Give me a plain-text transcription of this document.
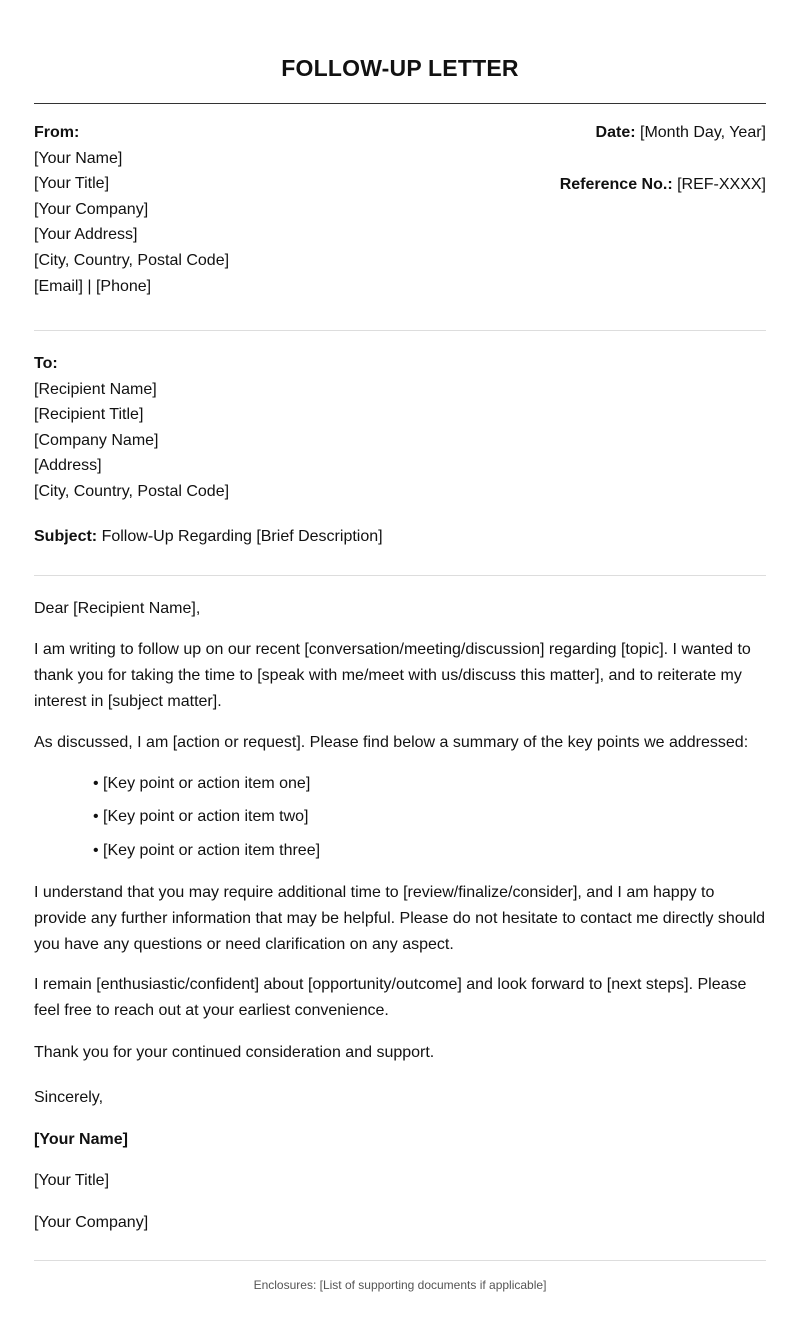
FOLLOW-UP LETTER
From:
[Your Name]
[Your Title]
[Your Company]
[Your Address]
[City, Country, Postal Code]
[Email] | [Phone]
Date: [Month Day, Year]
Reference No.: [REF-XXXX]
To:
[Recipient Name]
[Recipient Title]
[Company Name]
[Address]
[City, Country, Postal Code]
Subject: Follow-Up Regarding [Brief Description]
Dear [Recipient Name],
I am writing to follow up on our recent [conversation/meeting/discussion] regarding [topic]. I wanted to thank you for taking the time to [speak with me/meet with us/discuss this matter], and to reiterate my interest in [subject matter].
As discussed, I am [action or request]. Please find below a summary of the key points we addressed:
• [Key point or action item one]
• [Key point or action item two]
• [Key point or action item three]
I understand that you may require additional time to [review/finalize/consider], and I am happy to provide any further information that may be helpful. Please do not hesitate to contact me directly should you have any questions or need clarification on any aspect.
I remain [enthusiastic/confident] about [opportunity/outcome] and look forward to [next steps]. Please feel free to reach out at your earliest convenience.
Thank you for your continued consideration and support.
Sincerely,
[Your Name]
[Your Title]
[Your Company]
Enclosures: [List of supporting documents if applicable]
